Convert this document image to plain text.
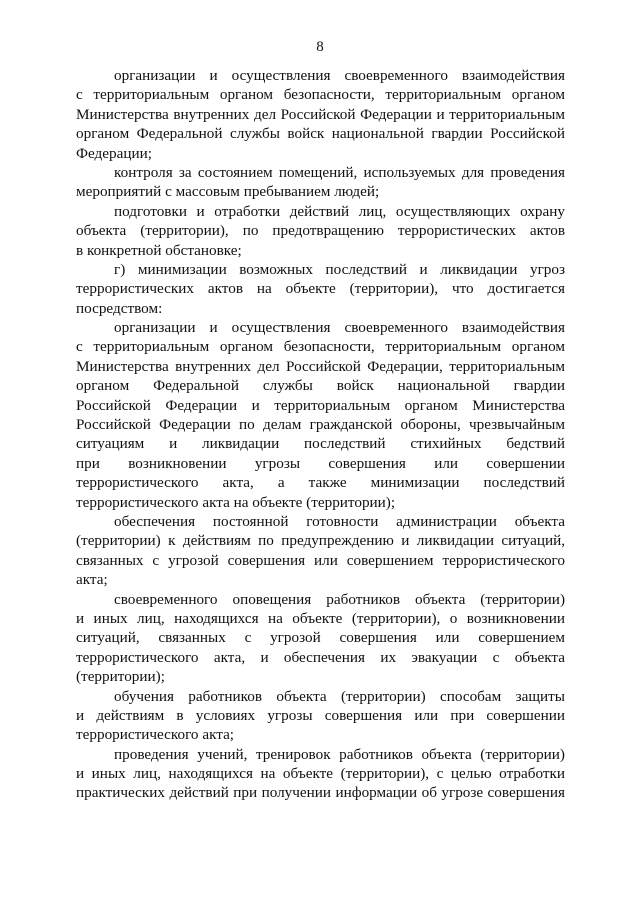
8
организации и осуществления своевременного взаимодействия
с территориальным органом безопасности, территориальным органом
Министерства внутренних дел Российской Федерации и территориальным
органом Федеральной службы войск национальной гвардии Российской
Федерации;
контроля за состоянием помещений, используемых для проведения
мероприятий с массовым пребыванием людей;
подготовки и отработки действий лиц, осуществляющих охрану
объекта (территории), по предотвращению террористических актов
в конкретной обстановке;
г) минимизации возможных последствий и ликвидации угроз
террористических актов на объекте (территории), что достигается
посредством:
организации и осуществления своевременного взаимодействия
с территориальным органом безопасности, территориальным органом
Министерства внутренних дел Российской Федерации, территориальным
органом Федеральной службы войск национальной гвардии
Российской Федерации и территориальным органом Министерства
Российской Федерации по делам гражданской обороны, чрезвычайным
ситуациям и ликвидации последствий стихийных бедствий
при возникновении угрозы совершения или совершении
террористического акта, а также минимизации последствий
террористического акта на объекте (территории);
обеспечения постоянной готовности администрации объекта
(территории) к действиям по предупреждению и ликвидации ситуаций,
связанных с угрозой совершения или совершением террористического
акта;
своевременного оповещения работников объекта (территории)
и иных лиц, находящихся на объекте (территории), о возникновении
ситуаций, связанных с угрозой совершения или совершением
террористического акта, и обеспечения их эвакуации с объекта
(территории);
обучения работников объекта (территории) способам защиты
и действиям в условиях угрозы совершения или при совершении
террористического акта;
проведения учений, тренировок работников объекта (территории)
и иных лиц, находящихся на объекте (территории), с целью отработки
практических действий при получении информации об угрозе совершения
